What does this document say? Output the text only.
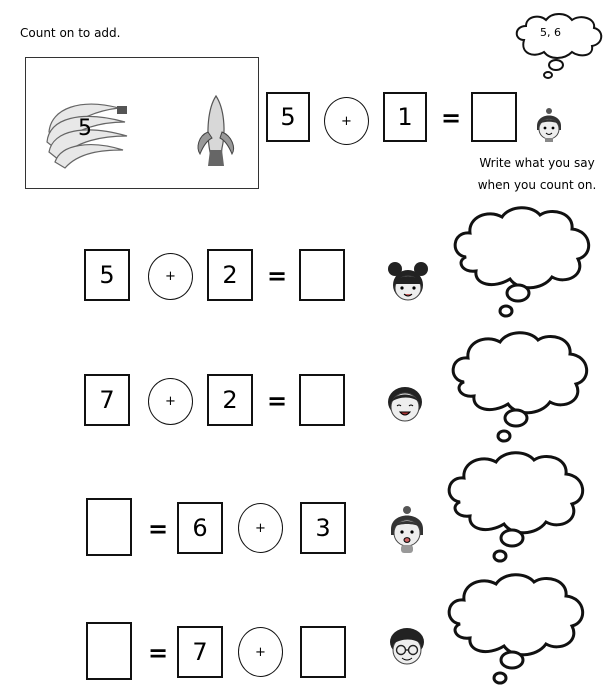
Count on to add.	5, 6
5	5	+	1	=
Write what you say
when you count on.
5	+	2	=
7	+	2	=
=	6	+	3
=	7	+
